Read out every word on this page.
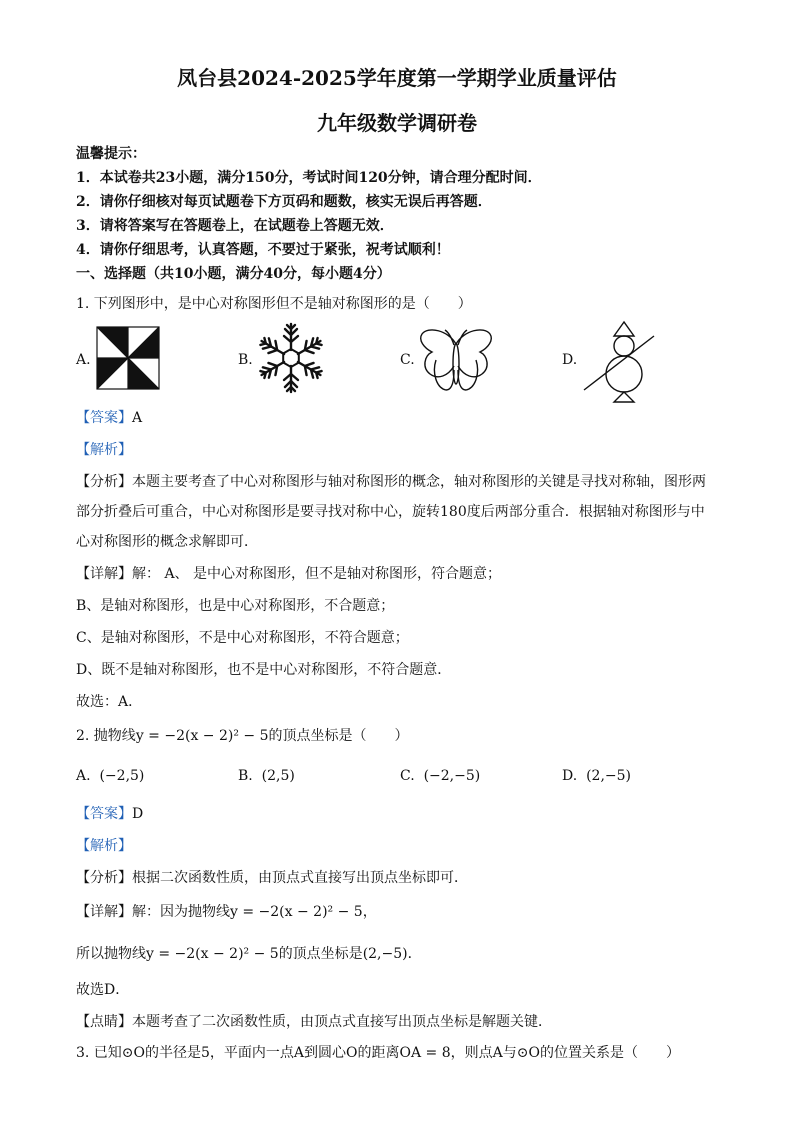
凤台县2024-2025学年度第一学期学业质量评估
九年级数学调研卷
温馨提示：
1．本试卷共23小题，满分150分，考试时间120分钟，请合理分配时间．
2．请你仔细核对每页试题卷下方页码和题数，核实无误后再答题．
3．请将答案写在答题卷上，在试题卷上答题无效．
4．请你仔细思考，认真答题，不要过于紧张，祝考试顺利！
一、选择题（共10小题，满分40分，每小题4分）
1. 下列图形中，是中心对称图形但不是轴对称图形的是（　　）
A.	B.	C.	D.
【答案】A
【解析】
【分析】本题主要考查了中心对称图形与轴对称图形的概念，轴对称图形的关键是寻找对称轴，图形两
部分折叠后可重合，中心对称图形是要寻找对称中心，旋转180度后两部分重合．根据轴对称图形与中
心对称图形的概念求解即可．
【详解】解： A、 是中心对称图形，但不是轴对称图形，符合题意；
B、是轴对称图形，也是中心对称图形，不合题意；
C、是轴对称图形，不是中心对称图形，不符合题意；
D、既不是轴对称图形，也不是中心对称图形，不符合题意．
故选：A．
2. 抛物线y = −2(x − 2)² − 5的顶点坐标是（　　）
A. (−2,5)	B. (2,5)	C. (−2,−5)	D. (2,−5)
【答案】D
【解析】
【分析】根据二次函数性质，由顶点式直接写出顶点坐标即可．
【详解】解：因为抛物线y = −2(x − 2)² − 5，
所以抛物线y = −2(x − 2)² − 5的顶点坐标是(2,−5)．
故选D．
【点睛】本题考查了二次函数性质，由顶点式直接写出顶点坐标是解题关键．
3. 已知⊙O的半径是5，平面内一点A到圆心O的距离OA = 8，则点A与⊙O的位置关系是（　　）
